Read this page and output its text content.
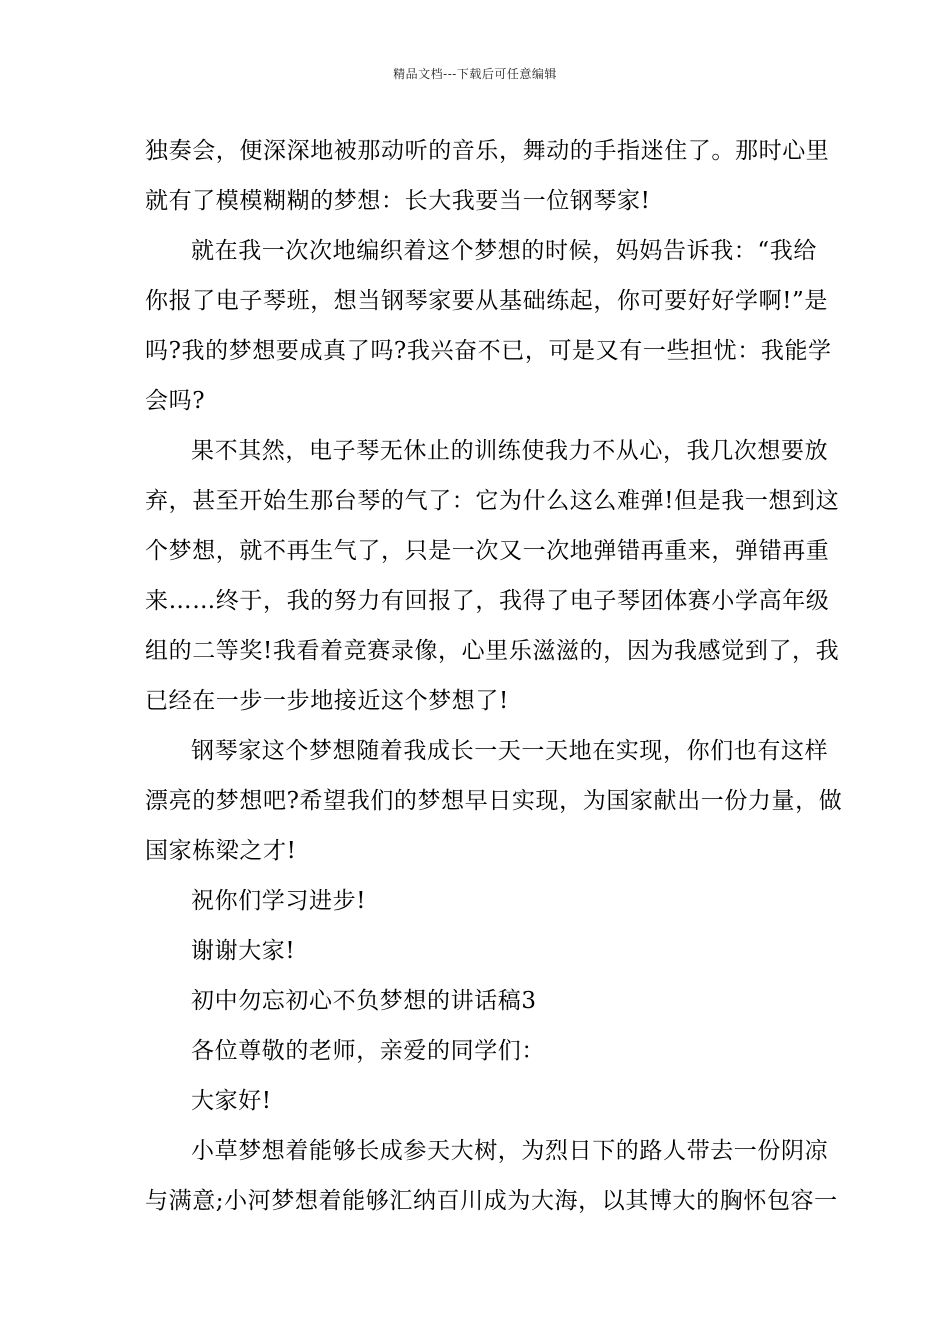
精品文档---下载后可任意编辑
独奏会，便深深地被那动听的音乐，舞动的手指迷住了。那时心里
就有了模模糊糊的梦想：长大我要当一位钢琴家!
就在我一次次地编织着这个梦想的时候，妈妈告诉我：“我给
你报了电子琴班，想当钢琴家要从基础练起，你可要好好学啊!”是
吗?我的梦想要成真了吗?我兴奋不已，可是又有一些担忧：我能学
会吗?
果不其然，电子琴无休止的训练使我力不从心，我几次想要放
弃，甚至开始生那台琴的气了：它为什么这么难弹!但是我一想到这
个梦想，就不再生气了，只是一次又一次地弹错再重来，弹错再重
来……终于，我的努力有回报了，我得了电子琴团体赛小学高年级
组的二等奖!我看着竞赛录像，心里乐滋滋的，因为我感觉到了，我
已经在一步一步地接近这个梦想了!
钢琴家这个梦想随着我成长一天一天地在实现，你们也有这样
漂亮的梦想吧?希望我们的梦想早日实现，为国家献出一份力量，做
国家栋梁之才!
祝你们学习进步!
谢谢大家!
初中勿忘初心不负梦想的讲话稿3
各位尊敬的老师，亲爱的同学们：
大家好!
小草梦想着能够长成参天大树，为烈日下的路人带去一份阴凉
与满意;小河梦想着能够汇纳百川成为大海，以其博大的胸怀包容一
